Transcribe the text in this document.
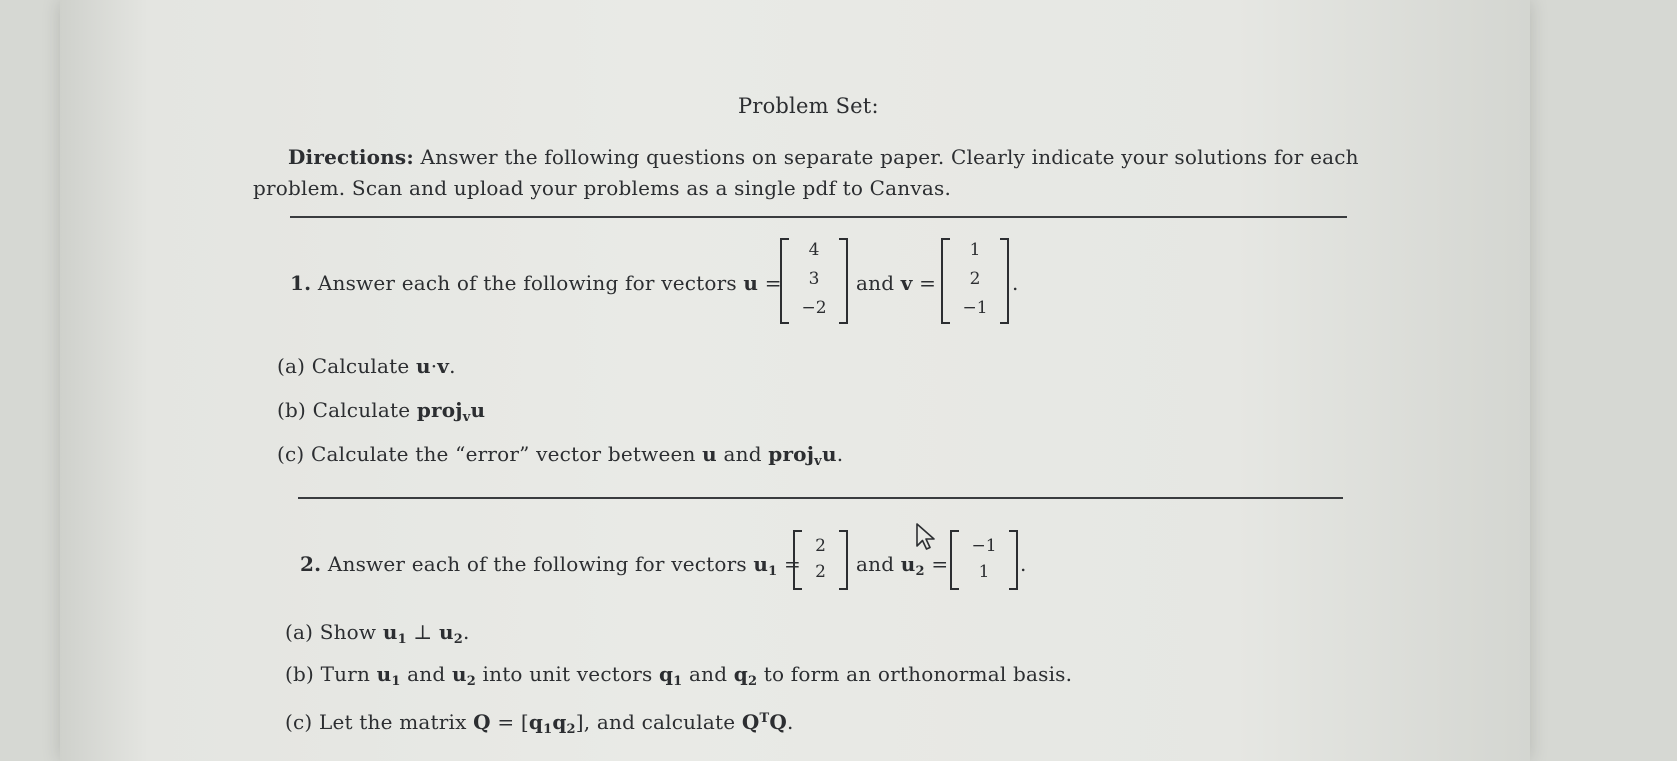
Problem Set:
Directions: Answer the following questions on separate paper. Clearly indicate your solutions for each
problem. Scan and upload your problems as a single pdf to Canvas.
1. Answer each of the following for vectors u =
4
3
−2
and v =
1
2
−1
.
(a) Calculate u·v.
(b) Calculate proj$_v$u
(c) Calculate the “error” vector between u and proj$_v$u.
2. Answer each of the following for vectors $u_1$ =
2
2	and $u_2$ =
−1
1	.
(a) Show $u_1$ ⊥ $u_2$.
(b) Turn $u_1$ and $u_2$ into unit vectors $q_1$ and $q_2$ to form an orthonormal basis.
(c) Let the matrix $Q = [q_1q_2]$, and calculate $Q^TQ$.
